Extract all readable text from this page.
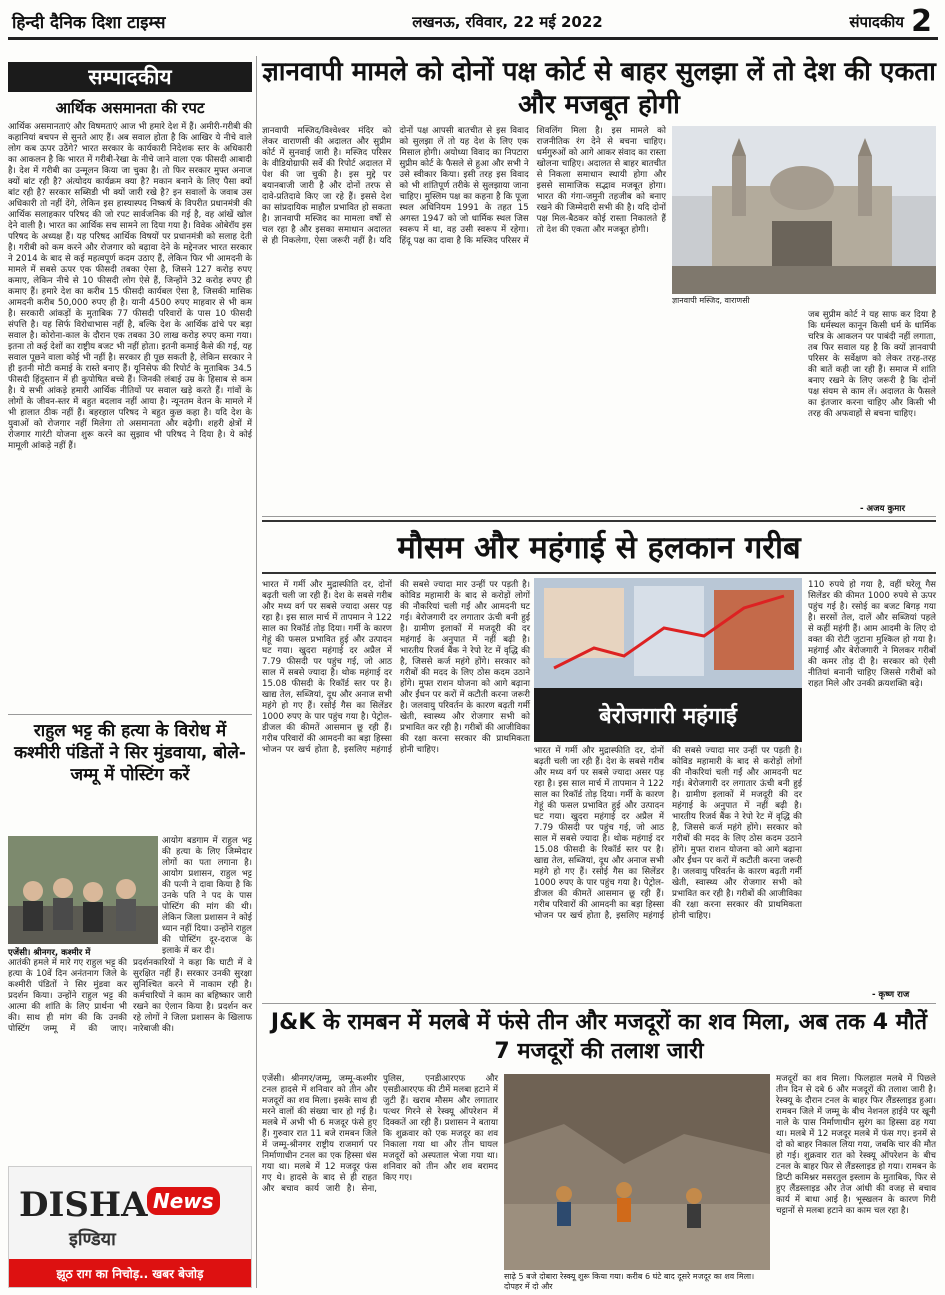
हिन्दी दैनिक दिशा टाइम्स	लखनऊ, रविवार, 22 मई 2022	संपादकीय 2
सम्पादकीय
आर्थिक असमानता की रपट
आर्थिक असमानताएं और विषमताएं आज भी हमारे देश में हैं। अमीरी-गरीबी की कहानियां बचपन से सुनते आए हैं। अब सवाल होता है कि आखिर ये नीचे वाले लोग कब ऊपर उठेंगे? भारत सरकार के कार्यकारी निदेशक स्तर के अधिकारी का आकलन है कि भारत में गरीबी-रेखा के नीचे जाने वाला एक फीसदी आबादी है। देश में गरीबी का उन्मूलन किया जा चुका है। तो फिर सरकार मुफ्त अनाज क्यों बांट रही है? अंत्योदय कार्यक्रम क्या है? मकान बनाने के लिए पैसा क्यों बांट रही है? सरकार सब्सिडी भी क्यों जारी रखे है? इन सवालों के जवाब उस अधिकारी तो नहीं देंगे, लेकिन इस हास्यास्पद निष्कर्ष के विपरीत प्रधानमंत्री की आर्थिक सलाहकार परिषद की जो रपट सार्वजनिक की गई है, वह आंखें खोल देने वाली है। भारत का आर्थिक सच सामने ला दिया गया है। विवेक ओबेरॉय इस परिषद के अध्यक्ष हैं। यह परिषद आर्थिक विषयों पर प्रधानमंत्री को सलाह देती है। गरीबी को कम करने और रोजगार को बढ़ावा देने के मद्देनजर भारत सरकार ने 2014 के बाद से कई महत्वपूर्ण कदम उठाए हैं, लेकिन फिर भी आमदनी के मामले में सबसे ऊपर एक फीसदी तबका ऐसा है, जिसने 127 करोड़ रुपए कमाए, लेकिन नीचे से 10 फीसदी लोग ऐसे हैं, जिन्होंने 32 करोड़ रुपए ही कमाए हैं। हमारे देश का करीब 15 फीसदी कार्यबल ऐसा है, जिसकी मासिक आमदनी करीब 50,000 रुपए ही है। यानी 4500 रुपए माहवार से भी कम है। सरकारी आंकड़ों के मुताबिक 77 फीसदी परिवारों के पास 10 फीसदी संपत्ति है। यह सिर्फ विरोधाभास नहीं है, बल्कि देश के आर्थिक ढांचे पर बड़ा सवाल है। कोरोना-काल के दौरान एक तबका 30 लाख करोड़ रुपए कमा गया। इतना तो कई देशों का राष्ट्रीय बजट भी नहीं होता। इतनी कमाई कैसे की गई, यह सवाल पूछने वाला कोई भी नहीं है। सरकार ही पूछ सकती है, लेकिन सरकार ने ही इतनी मोटी कमाई के रास्ते बनाए हैं। यूनिसेफ की रिपोर्ट के मुताबिक 34.5 फीसदी हिंदुस्तान में ही कुपोषित बच्चे हैं। जिनकी लंबाई उम्र के हिसाब से कम है। ये सभी आंकड़े हमारी आर्थिक नीतियों पर सवाल खड़े करते हैं। गांवों के लोगों के जीवन-स्तर में बहुत बदलाव नहीं आया है। न्यूनतम वेतन के मामले में भी हालात ठीक नहीं हैं। बहरहाल परिषद ने बहुत कुछ कहा है। यदि देश के युवाओं को रोजगार नहीं मिलेगा तो असमानता और बढ़ेगी। शहरी क्षेत्रों में रोजगार गारंटी योजना शुरू करने का सुझाव भी परिषद ने दिया है। ये कोई मामूली आंकड़े नहीं हैं।
ज्ञानवापी मामले को दोनों पक्ष कोर्ट से बाहर सुलझा लें तो देश की एकता और मजबूत होगी
ज्ञानवापी मस्जिद/विश्वेश्वर मंदिर को लेकर वाराणसी की अदालत और सुप्रीम कोर्ट में सुनवाई जारी है। मस्जिद परिसर के वीडियोग्राफी सर्वे की रिपोर्ट अदालत में पेश की जा चुकी है। इस मुद्दे पर बयानबाजी जारी है और दोनों तरफ से दावे-प्रतिदावे किए जा रहे हैं। इससे देश का सांप्रदायिक माहौल प्रभावित हो सकता है। ज्ञानवापी मस्जिद का मामला वर्षों से चल रहा है और इसका समाधान अदालत से ही निकलेगा, ऐसा जरूरी नहीं है। यदि दोनों पक्ष आपसी बातचीत से इस विवाद को सुलझा लें तो यह देश के लिए एक मिसाल होगी। अयोध्या विवाद का निपटारा सुप्रीम कोर्ट के फैसले से हुआ और सभी ने उसे स्वीकार किया। इसी तरह इस विवाद को भी शांतिपूर्ण तरीके से सुलझाया जाना चाहिए। मुस्लिम पक्ष का कहना है कि पूजा स्थल अधिनियम 1991 के तहत 15 अगस्त 1947 को जो धार्मिक स्थल जिस स्वरूप में था, वह उसी स्वरूप में रहेगा। हिंदू पक्ष का दावा है कि मस्जिद परिसर में शिवलिंग मिला है। इस मामले को राजनीतिक रंग देने से बचना चाहिए। धर्मगुरुओं को आगे आकर संवाद का रास्ता खोलना चाहिए। अदालत से बाहर बातचीत से निकला समाधान स्थायी होगा और इससे सामाजिक सद्भाव मजबूत होगा। भारत की गंगा-जमुनी तहजीब को बनाए रखने की जिम्मेदारी सभी की है। यदि दोनों पक्ष मिल-बैठकर कोई रास्ता निकालते हैं तो देश की एकता और मजबूत होगी।
ज्ञानवापी मस्जिद, वाराणसी
जब सुप्रीम कोर्ट ने यह साफ कर दिया है कि धर्मस्थल कानून किसी धर्म के धार्मिक चरित्र के आकलन पर पाबंदी नहीं लगाता, तब फिर सवाल यह है कि क्यों ज्ञानवापी परिसर के सर्वेक्षण को लेकर तरह-तरह की बातें कही जा रही हैं। समाज में शांति बनाए रखने के लिए जरूरी है कि दोनों पक्ष संयम से काम लें। अदालत के फैसले का इंतजार करना चाहिए और किसी भी तरह की अफवाहों से बचना चाहिए।
- अजय कुमार
मौसम और महंगाई से हलकान गरीब
भारत में गर्मी और मुद्रास्फीति दर, दोनों बढ़ती चली जा रही हैं। देश के सबसे गरीब और मध्य वर्ग पर सबसे ज्यादा असर पड़ रहा है। इस साल मार्च में तापमान ने 122 साल का रिकॉर्ड तोड़ दिया। गर्मी के कारण गेहूं की फसल प्रभावित हुई और उत्पादन घट गया। खुदरा महंगाई दर अप्रैल में 7.79 फीसदी पर पहुंच गई, जो आठ साल में सबसे ज्यादा है। थोक महंगाई दर 15.08 फीसदी के रिकॉर्ड स्तर पर है। खाद्य तेल, सब्जियां, दूध और अनाज सभी महंगे हो गए हैं। रसोई गैस का सिलेंडर 1000 रुपए के पार पहुंच गया है। पेट्रोल-डीजल की कीमतें आसमान छू रही हैं। गरीब परिवारों की आमदनी का बड़ा हिस्सा भोजन पर खर्च होता है, इसलिए महंगाई की सबसे ज्यादा मार उन्हीं पर पड़ती है। कोविड महामारी के बाद से करोड़ों लोगों की नौकरियां चली गईं और आमदनी घट गई। बेरोजगारी दर लगातार ऊंची बनी हुई है। ग्रामीण इलाकों में मजदूरी की दर महंगाई के अनुपात में नहीं बढ़ी है। भारतीय रिजर्व बैंक ने रेपो रेट में वृद्धि की है, जिससे कर्ज महंगे होंगे। सरकार को गरीबों की मदद के लिए ठोस कदम उठाने होंगे। मुफ्त राशन योजना को आगे बढ़ाना और ईंधन पर करों में कटौती करना जरूरी है। जलवायु परिवर्तन के कारण बढ़ती गर्मी खेती, स्वास्थ्य और रोजगार सभी को प्रभावित कर रही है। गरीबों की आजीविका की रक्षा करना सरकार की प्राथमिकता होनी चाहिए।
बेरोजगारी महंगाई
भारत में गर्मी और मुद्रास्फीति दर, दोनों बढ़ती चली जा रही हैं। देश के सबसे गरीब और मध्य वर्ग पर सबसे ज्यादा असर पड़ रहा है। इस साल मार्च में तापमान ने 122 साल का रिकॉर्ड तोड़ दिया। गर्मी के कारण गेहूं की फसल प्रभावित हुई और उत्पादन घट गया। खुदरा महंगाई दर अप्रैल में 7.79 फीसदी पर पहुंच गई, जो आठ साल में सबसे ज्यादा है। थोक महंगाई दर 15.08 फीसदी के रिकॉर्ड स्तर पर है। खाद्य तेल, सब्जियां, दूध और अनाज सभी महंगे हो गए हैं। रसोई गैस का सिलेंडर 1000 रुपए के पार पहुंच गया है। पेट्रोल-डीजल की कीमतें आसमान छू रही हैं। गरीब परिवारों की आमदनी का बड़ा हिस्सा भोजन पर खर्च होता है, इसलिए महंगाई की सबसे ज्यादा मार उन्हीं पर पड़ती है। कोविड महामारी के बाद से करोड़ों लोगों की नौकरियां चली गईं और आमदनी घट गई। बेरोजगारी दर लगातार ऊंची बनी हुई है। ग्रामीण इलाकों में मजदूरी की दर महंगाई के अनुपात में नहीं बढ़ी है। भारतीय रिजर्व बैंक ने रेपो रेट में वृद्धि की है, जिससे कर्ज महंगे होंगे। सरकार को गरीबों की मदद के लिए ठोस कदम उठाने होंगे। मुफ्त राशन योजना को आगे बढ़ाना और ईंधन पर करों में कटौती करना जरूरी है। जलवायु परिवर्तन के कारण बढ़ती गर्मी खेती, स्वास्थ्य और रोजगार सभी को प्रभावित कर रही है। गरीबों की आजीविका की रक्षा करना सरकार की प्राथमिकता होनी चाहिए।
110 रुपये हो गया है, वहीं घरेलू गैस सिलेंडर की कीमत 1000 रुपये से ऊपर पहुंच गई है। रसोई का बजट बिगड़ गया है। सरसों तेल, दालें और सब्जियां पहले से कहीं महंगी हैं। आम आदमी के लिए दो वक्त की रोटी जुटाना मुश्किल हो गया है। महंगाई और बेरोजगारी ने मिलकर गरीबों की कमर तोड़ दी है। सरकार को ऐसी नीतियां बनानी चाहिए जिससे गरीबों को राहत मिले और उनकी क्रयशक्ति बढ़े।
- कृष्ण राज
राहुल भट्ट की हत्या के विरोध में कश्मीरी पंडितों ने सिर मुंडवाया, बोले- जम्मू में पोस्टिंग करें
आयोग बडगाम में राहुल भट्ट की हत्या के लिए जिम्मेदार लोगों का पता लगाना है। आयोग प्रशासन, राहुल भट्ट की पत्नी ने दावा किया है कि उनके पति ने पद के पास पोस्टिंग की मांग की थी। लेकिन जिला प्रशासन ने कोई ध्यान नहीं दिया। उन्होंने राहुल की पोस्टिंग दूर-दराज के इलाके में कर दी।
एजेंसी। श्रीनगर, कश्मीर में
आतंकी हमले में मारे गए राहुल भट्ट की हत्या के 10वें दिन अनंतनाग जिले के कश्मीरी पंडितों ने सिर मुंडवा कर प्रदर्शन किया। उन्होंने राहुल भट्ट की आत्मा की शांति के लिए प्रार्थना भी की। साथ ही मांग की कि उनकी पोस्टिंग जम्मू में की जाए। प्रदर्शनकारियों ने कहा कि घाटी में वे सुरक्षित नहीं हैं। सरकार उनकी सुरक्षा सुनिश्चित करने में नाकाम रही है। कर्मचारियों ने काम का बहिष्कार जारी रखने का ऐलान किया है। प्रदर्शन कर रहे लोगों ने जिला प्रशासन के खिलाफ नारेबाजी की।
DISHA News
इण्डिया
झूठ राग का निचोड़.. खबर बेजोड़
J&K के रामबन में मलबे में फंसे तीन और मजदूरों का शव मिला, अब तक 4 मौतें 7 मजदूरों की तलाश जारी
एजेंसी। श्रीनगर/जम्मू, जम्मू-कश्मीर टनल हादसे में शनिवार को तीन और मजदूरों का शव मिला। इसके साथ ही मरने वालों की संख्या चार हो गई है। मलबे में अभी भी 6 मजदूर फंसे हुए हैं। गुरुवार रात 11 बजे रामबन जिले में जम्मू-श्रीनगर राष्ट्रीय राजमार्ग पर निर्माणाधीन टनल का एक हिस्सा धंस गया था। मलबे में 12 मजदूर फंस गए थे। हादसे के बाद से ही राहत और बचाव कार्य जारी है। सेना, पुलिस, एनडीआरएफ और एसडीआरएफ की टीमें मलबा हटाने में जुटी हैं। खराब मौसम और लगातार पत्थर गिरने से रेस्क्यू ऑपरेशन में दिक्कतें आ रही हैं। प्रशासन ने बताया कि शुक्रवार को एक मजदूर का शव निकाला गया था और तीन घायल मजदूरों को अस्पताल भेजा गया था। शनिवार को तीन और शव बरामद किए गए।
साढ़े 5 बजे दोबारा रेस्क्यू शुरू किया गया। करीब 6 घंटे बाद दूसरे मजदूर का शव मिला। दोपहर में दो और
मजदूरों का शव मिला। फिलहाल मलबे में पिछले तीन दिन से दबे 6 और मजदूरों की तलाश जारी है। रेस्क्यू के दौरान टनल के बाहर फिर लैंडस्लाइड हुआ। रामबन जिले में जम्मू के बीच नेशनल हाईवे पर खूनी नाले के पास निर्माणाधीन सुरंग का हिस्सा ढह गया था। मलबे में 12 मजदूर मलबे में फंस गए। इनमें से दो को बाहर निकाल लिया गया, जबकि चार की मौत हो गई। शुक्रवार रात को रेस्क्यू ऑपरेशन के बीच टनल के बाहर फिर से लैंडस्लाइड हो गया। रामबन के डिप्टी कमिश्नर मसरतुल इस्लाम के मुताबिक, फिर से हुए लैंडस्लाइड और तेज आंधी की वजह से बचाव कार्य में बाधा आई है। भूस्खलन के कारण गिरी चट्टानों से मलबा हटाने का काम चल रहा है।
